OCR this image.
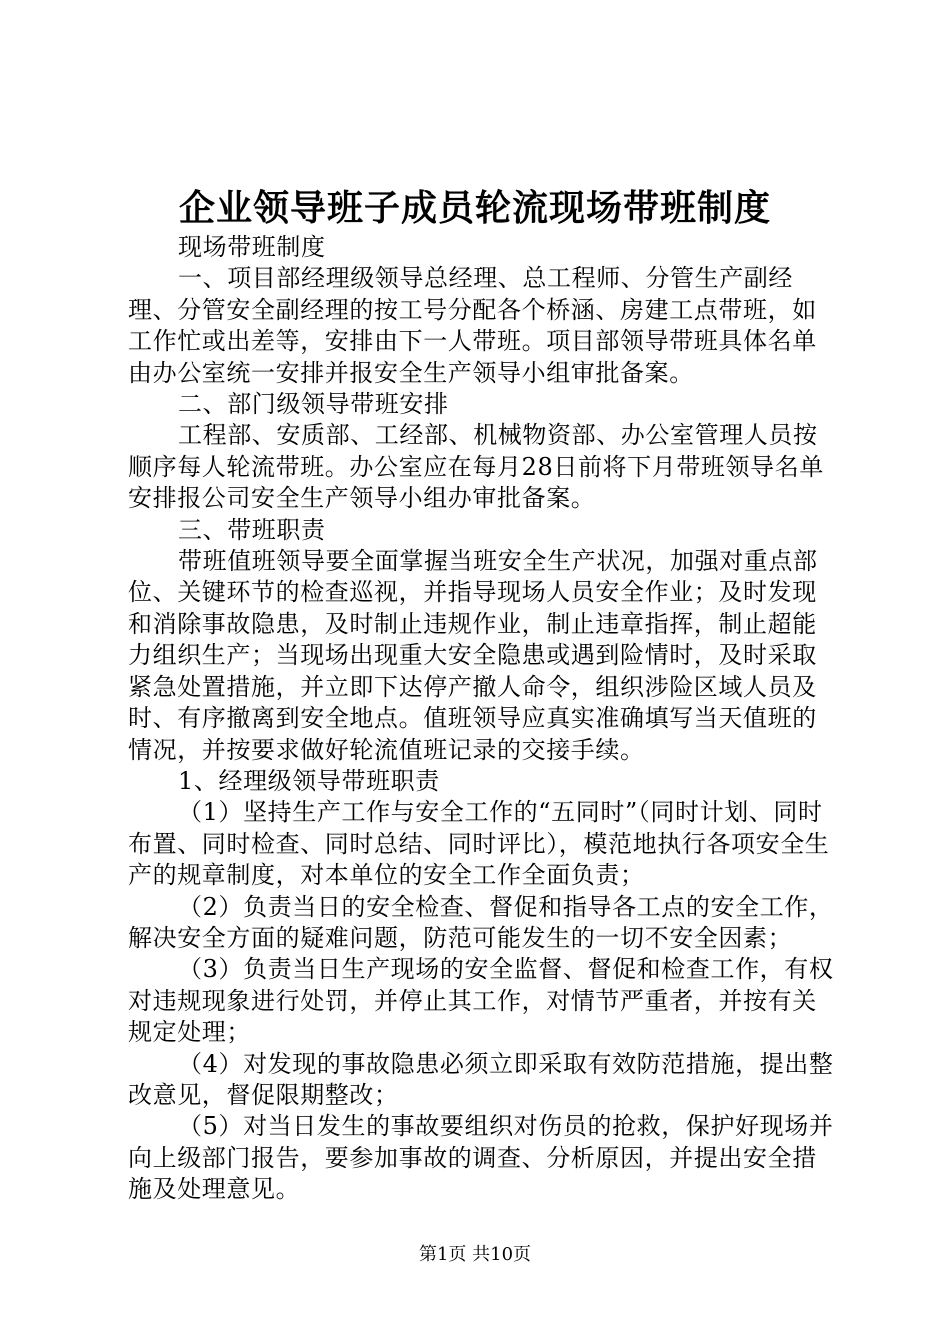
企业领导班子成员轮流现场带班制度

现场带班制度

一、项目部经理级领导总经理、总工程师、分管生产副经理、分管安全副经理的按工号分配各个桥涵、房建工点带班，如工作忙或出差等，安排由下一人带班。项目部领导带班具体名单由办公室统一安排并报安全生产领导小组审批备案。

二、部门级领导带班安排

工程部、安质部、工经部、机械物资部、办公室管理人员按顺序每人轮流带班。办公室应在每月28日前将下月带班领导名单安排报公司安全生产领导小组办审批备案。

三、带班职责

带班值班领导要全面掌握当班安全生产状况，加强对重点部位、关键环节的检查巡视，并指导现场人员安全作业；及时发现和消除事故隐患，及时制止违规作业，制止违章指挥，制止超能力组织生产；当现场出现重大安全隐患或遇到险情时，及时采取紧急处置措施，并立即下达停产撤人命令，组织涉险区域人员及时、有序撤离到安全地点。值班领导应真实准确填写当天值班的情况，并按要求做好轮流值班记录的交接手续。

1、经理级领导带班职责

（1）坚持生产工作与安全工作的“五同时”（同时计划、同时布置、同时检查、同时总结、同时评比），模范地执行各项安全生产的规章制度，对本单位的安全工作全面负责；

（2）负责当日的安全检查、督促和指导各工点的安全工作，解决安全方面的疑难问题，防范可能发生的一切不安全因素；

（3）负责当日生产现场的安全监督、督促和检查工作，有权对违规现象进行处罚，并停止其工作，对情节严重者，并按有关规定处理；

（4）对发现的事故隐患必须立即采取有效防范措施，提出整改意见，督促限期整改；

（5）对当日发生的事故要组织对伤员的抢救，保护好现场并向上级部门报告，要参加事故的调查、分析原因，并提出安全措施及处理意见。

第1页 共10页
